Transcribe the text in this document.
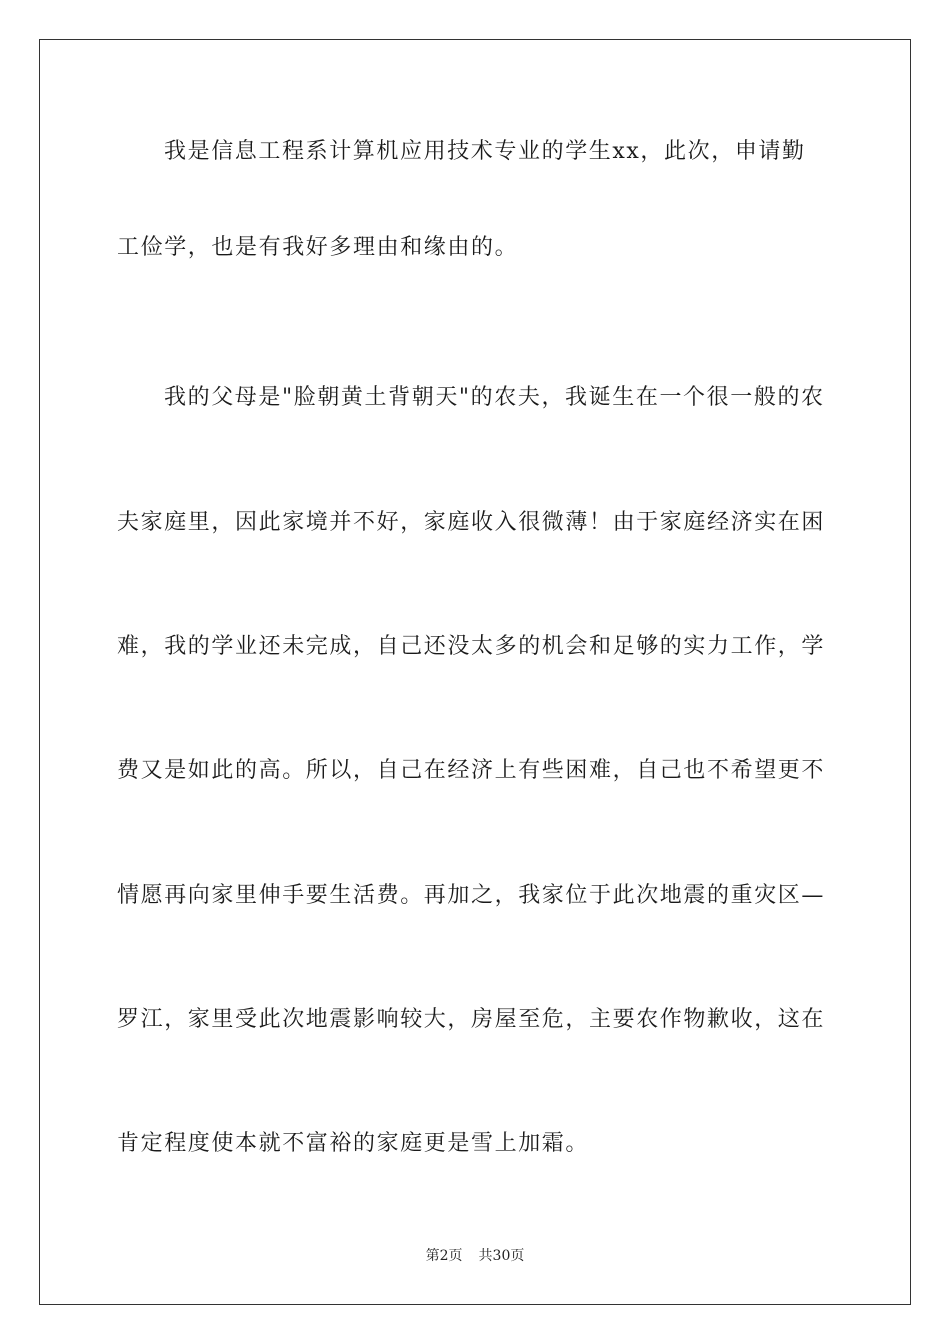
我是信息工程系计算机应用技术专业的学生xx，此次，申请勤
工俭学，也是有我好多理由和缘由的。
我的父母是"脸朝黄土背朝天"的农夫，我诞生在一个很一般的农
夫家庭里，因此家境并不好，家庭收入很微薄！由于家庭经济实在困
难，我的学业还未完成，自己还没太多的机会和足够的实力工作，学
费又是如此的高。所以，自己在经济上有些困难，自己也不希望更不
情愿再向家里伸手要生活费。再加之，我家位于此次地震的重灾区—
罗江，家里受此次地震影响较大，房屋至危，主要农作物歉收，这在
肯定程度使本就不富裕的家庭更是雪上加霜。
第2页 共30页
